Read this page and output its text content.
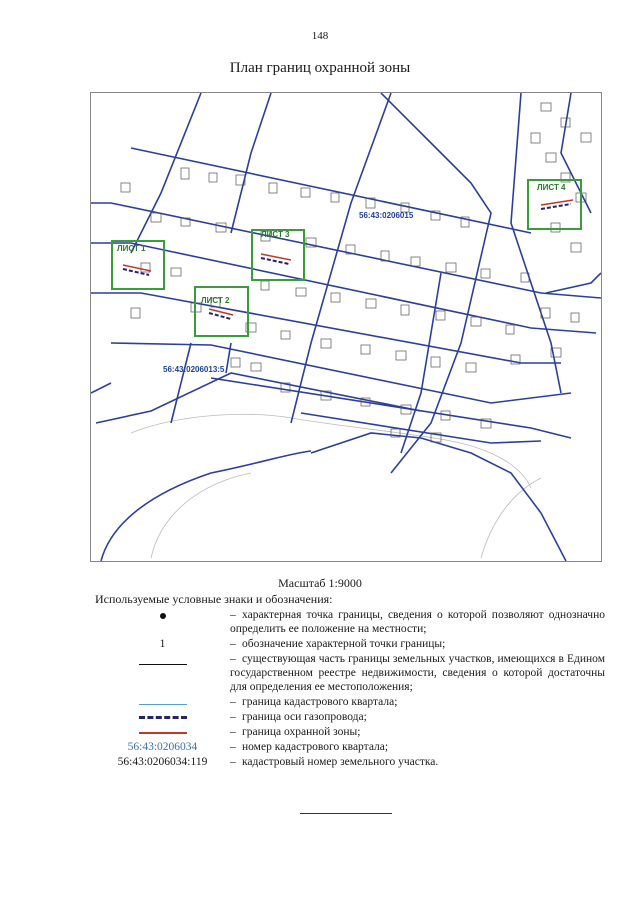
148
План границ охранной зоны
ЛИСТ 1
ЛИСТ 2
ЛИСТ 3
ЛИСТ 4
56:43:0206015
56:43:0206013:5
Масштаб 1:9000
Используемые условные знаки и обозначения:
– характерная точка границы, сведения о которой позволяют однозначно определить ее положение на местности;
1	– обозначение характерной точки границы;
– существующая часть границы земельных участков, имеющихся в Едином государственном реестре недвижимости, сведения о которой достаточны для определения ее местоположения;
– граница кадастрового квартала;
– граница оси газопровода;
– граница охранной зоны;
56:43:0206034	– номер кадастрового квартала;
56:43:0206034:119	– кадастровый номер земельного участка.
